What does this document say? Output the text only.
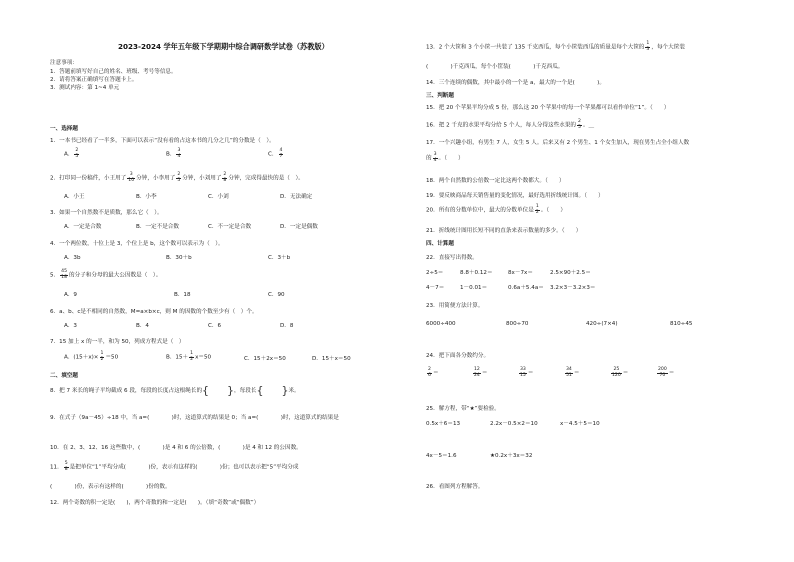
2023-2024 学年五年级下学期期中综合调研数学试卷（苏教版）
注意事项：
1．答题前填写好自己的姓名、班级、考号等信息。
2．请将答案正确填写在答题卡上。
3．测试内容：第 1~4 单元
一、选择题
1．一本书已经看了一半多，下面可以表示“没有看的占这本书的几分之几”的分数是（　）。
A． $\frac{2}{5}$	B． $\frac{3}{4}$	C． $\frac{4}{7}$
2．打印同一份稿件，小王用了 $\frac{3}{10}$ 分钟，小李用了 $\frac{2}{5}$ 分钟，小刘用了 $\frac{2}{8}$ 分钟，完成得最快的是（　）。
A．小王	B．小李	C．小刘	D．无法确定
3．如果一个自然数不是质数，那么它（　）。
A．一定是合数	B．一定不是合数	C．不一定是合数	D．一定是偶数
4．一个两位数，十位上是 3，个位上是 b，这个数可以表示为（　）。
A．3b	B．30＋b	C．3＋b
5． $\frac{45}{18}$ 的分子和分母的最大公因数是（　）。
A．9	B．18	C．90
6．a、b、c是不相同的自然数，M=a×b×c，则 M 的因数的个数至少有（　）个。
A．3	B．4	C．6	D．8
7．15 加上 x 的一半，和为 50，列成方程式是（　）
A．$(15+x)\times \frac{1}{2} =50$	B．$15+ \frac{1}{2} x=50$	C．15＋2x＝50	D．15＋x＝50
二、填空题
8．把 7 米长的绳子平均截成 6 段，每段的长度占这根绳长的{ }，每段长{ }米。
9．在式子（9a－45）÷18 中，当 a=(　　　　)时，这道算式的结果是 0；当 a=(　　　　)时，这道算式的结果是
10．在 2、3、12、16 这些数中，(　　　　)是 4 和 6 的公倍数，(　　　　)是 4 和 12 的公因数。
11． $\frac{5}{8}$ 是把单位“1”平均分成(　　　　)份，表示有这样的(　　　　)份；也可以表示把“5”平均分成
(　　　　)份，表示有这样的(　　　　)份的数。
12．两个奇数的积一定是(　　)，两个奇数的和一定是(　　)。（填“奇数”或“偶数”）
13．2 个大筐和 3 个小筐一共装了 135 千克西瓜，每个小筐装西瓜的质量是每个大筐的 $\frac{1}{3}$ ，每个大筐装
(　　　　)千克西瓜，每个小筐装(　　　　)千克西瓜。
14．三个连续的偶数，其中最小的一个是 a，最大的一个是(　　　　)。
三、判断题
15．把 20 个苹果平均分成 5 份，那么这 20 个苹果中的每一个苹果都可以看作单位“1”。（　　）
16．把 2 千克的水果平均分给 5 个人，每人分得这些水果的 $\frac{2}{5}$ 。＿
17．一个兴趣小组，有男生 7 人，女生 5 人。后来又有 2 个男生、1 个女生加入，现在男生占全小组人数
的 $\frac{3}{4}$ 。（　　）
18．两个自然数的公倍数一定比这两个数都大。（　　）
19．要反映商品每天销售量的变化情况，最好选用折线统计图。（　　）
20．所有的分数单位中，最大的分数单位是 $\frac{1}{2}$ 。（　　）
21．折线统计图用长短不同的直条来表示数量的多少。（　　）
四、计算题
22．直接写出得数。
2÷5＝	8.8＋0.12＝	8x－7x＝	2.5×90＋2.5＝
4－7＝	1－0.01＝	0.6a＋5.4a＝ 3.2×3－3.2×3＝
23．用简便方法计算。
6000÷400	800÷70	420÷(7×4)	810÷45
24．把下面各分数约分。
$\frac{2}{6}$ ＝	$\frac{12}{24}$ ＝	$\frac{33}{15}$ ＝	$\frac{34}{51}$ ＝	$\frac{25}{120}$ ＝	$\frac{200}{70}$ ＝
25．解方程，带“★”要检验。
0.5x＋6＝13	2.2x－0.5×2＝10	x－4.5＋5＝10
4x－5＝1.6	★0.2x＋3x＝32
26．看图列方程解答。
